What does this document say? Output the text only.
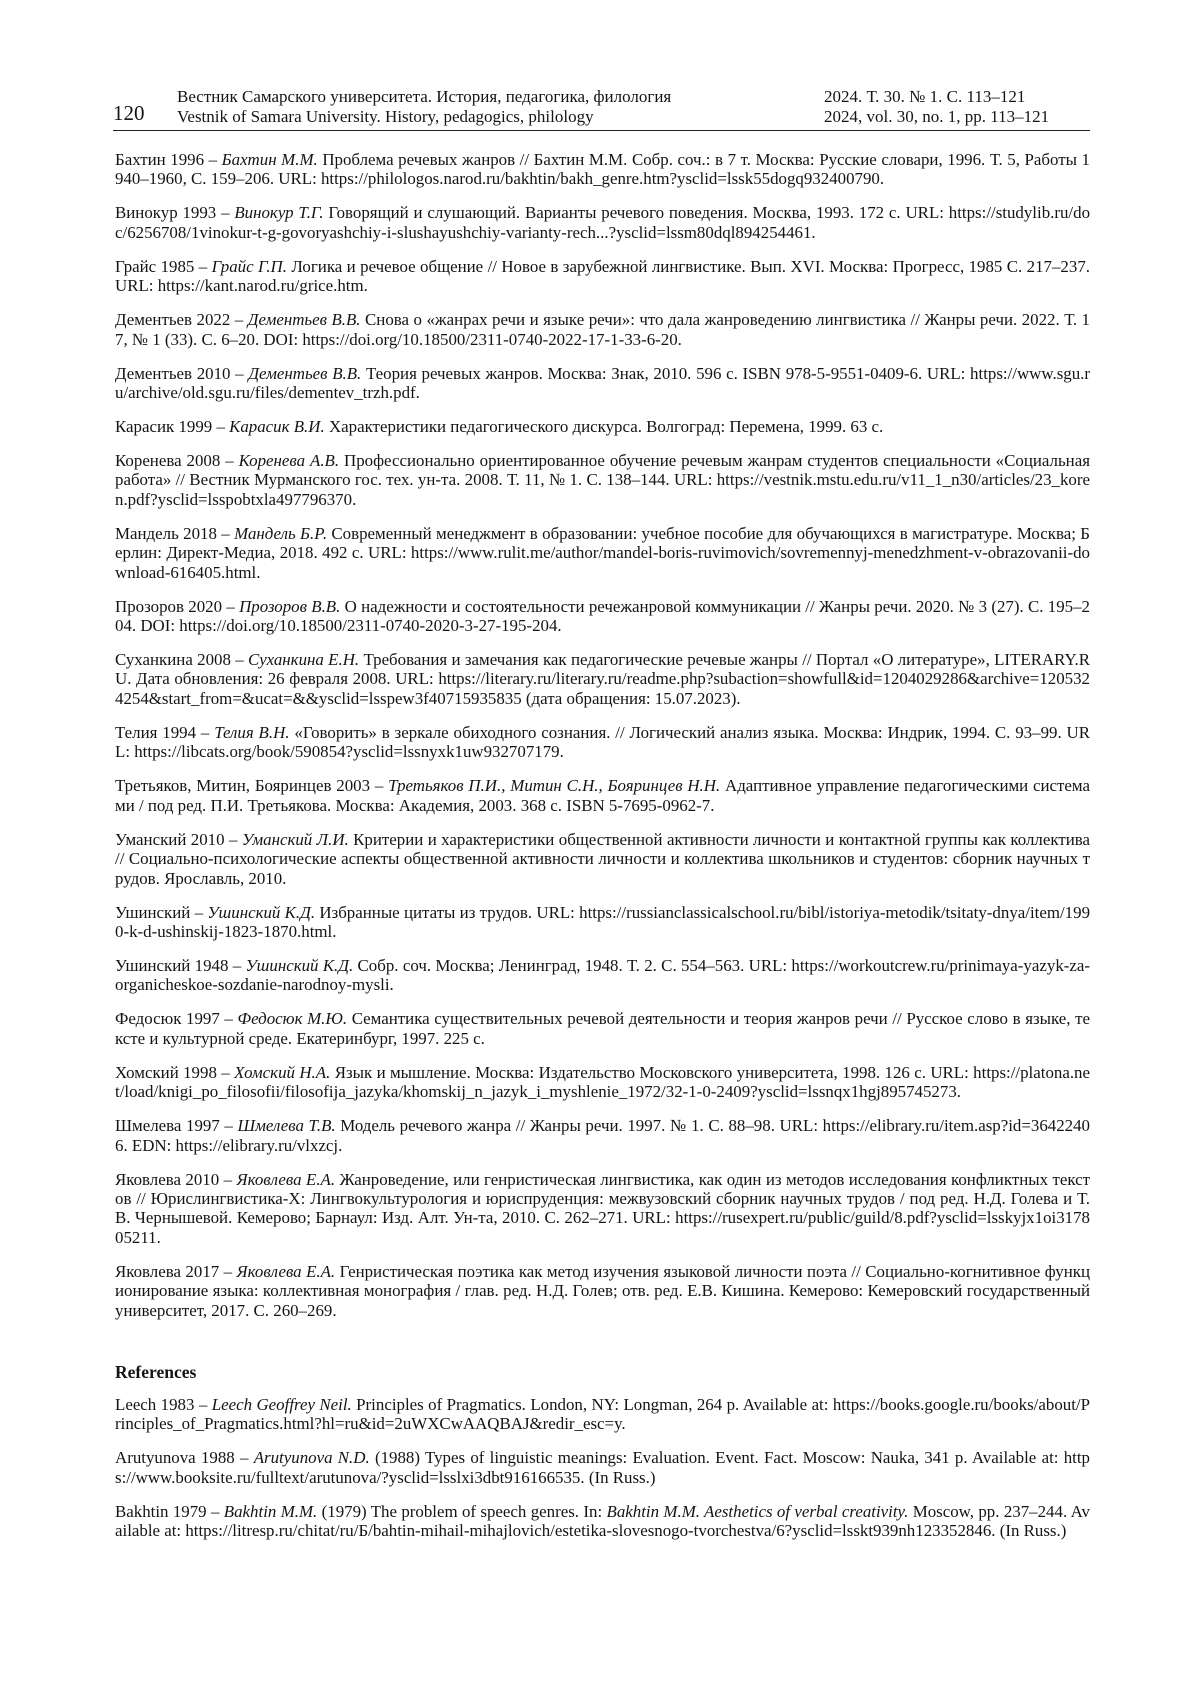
120
Вестник Самарского университета. История, педагогика, филология
Vestnik of Samara University. History, pedagogics, philology
2024. Т. 30. № 1. С. 113–121
2024, vol. 30, no. 1, pp. 113–121

Бахтин 1996 – Бахтин М.М. Проблема речевых жанров // Бахтин М.М. Собр. соч.: в 7 т. Москва: Русские словари, 1996. Т. 5, Работы 1940–1960, С. 159–206. URL: https://philologos.narod.ru/bakhtin/bakh_genre.htm?ysclid=lssk55dogq932400790.

Винокур 1993 – Винокур Т.Г. Говорящий и слушающий. Варианты речевого поведения. Москва, 1993. 172 с. URL: https://studylib.ru/doc/6256708/1vinokur-t-g-govoryashchiy-i-slushayushchiy-varianty-rech...?ysclid=lssm80dql894254461.

Грайс 1985 – Грайс Г.П. Логика и речевое общение // Новое в зарубежной лингвистике. Вып. XVI. Москва: Прогресс, 1985 С. 217–237. URL: https://kant.narod.ru/grice.htm.

Дементьев 2022 – Дементьев В.В. Снова о «жанрах речи и языке речи»: что дала жанроведению лингвистика // Жанры речи. 2022. Т. 17, № 1 (33). С. 6–20. DOI: https://doi.org/10.18500/2311-0740-2022-17-1-33-6-20.

Дементьев 2010 – Дементьев В.В. Теория речевых жанров. Москва: Знак, 2010. 596 с. ISBN 978-5-9551-0409-6. URL: https://www.sgu.ru/archive/old.sgu.ru/files/dementev_trzh.pdf.

Карасик 1999 – Карасик В.И. Характеристики педагогического дискурса. Волгоград: Перемена, 1999. 63 с.

Коренева 2008 – Коренева А.В. Профессионально ориентированное обучение речевым жанрам студентов специальности «Социальная работа» // Вестник Мурманского гос. тех. ун-та. 2008. Т. 11, № 1. С. 138–144. URL: https://vestnik.mstu.edu.ru/v11_1_n30/articles/23_koren.pdf?ysclid=lsspobtxla497796370.

Мандель 2018 – Мандель Б.Р. Современный менеджмент в образовании: учебное пособие для обучающихся в магистратуре. Москва; Берлин: Директ-Медиа, 2018. 492 с. URL: https://www.rulit.me/author/mandel-boris-ruvimovich/sovremennyj-menedzhment-v-obrazovanii-download-616405.html.

Прозоров 2020 – Прозоров В.В. О надежности и состоятельности речежанровой коммуникации // Жанры речи. 2020. № 3 (27). С. 195–204. DOI: https://doi.org/10.18500/2311-0740-2020-3-27-195-204.

Суханкина 2008 – Суханкина Е.Н. Требования и замечания как педагогические речевые жанры // Портал «О литературе», LITERARY.RU. Дата обновления: 26 февраля 2008. URL: https://literary.ru/literary.ru/readme.php?subaction=showfull&id=1204029286&archive=1205324254&start_from=&ucat=&&ysclid=lsspew3f40715935835 (дата обращения: 15.07.2023).

Телия 1994 – Телия В.Н. «Говорить» в зеркале обиходного сознания. // Логический анализ языка. Москва: Индрик, 1994. С. 93–99. URL: https://libcats.org/book/590854?ysclid=lssnyxk1uw932707179.

Третьяков, Митин, Бояринцев 2003 – Третьяков П.И., Митин С.Н., Бояринцев Н.Н. Адаптивное управление педагогическими системами / под ред. П.И. Третьякова. Москва: Академия, 2003. 368 с. ISBN 5-7695-0962-7.

Уманский 2010 – Уманский Л.И. Критерии и характеристики общественной активности личности и контактной группы как коллектива // Социально-психологические аспекты общественной активности личности и коллектива школьников и студентов: сборник научных трудов. Ярославль, 2010.

Ушинский – Ушинский К.Д. Избранные цитаты из трудов. URL: https://russianclassicalschool.ru/bibl/istoriya-metodik/tsitaty-dnya/item/1990-k-d-ushinskij-1823-1870.html.

Ушинский 1948 – Ушинский К.Д. Собр. соч. Москва; Ленинград, 1948. Т. 2. С. 554–563. URL: https://workoutcrew.ru/prinimaya-yazyk-za-organicheskoe-sozdanie-narodnoy-mysli.

Федосюк 1997 – Федосюк М.Ю. Семантика существительных речевой деятельности и теория жанров речи // Русское слово в языке, тексте и культурной среде. Екатеринбург, 1997. 225 с.

Хомский 1998 – Хомский Н.А. Язык и мышление. Москва: Издательство Московского университета, 1998. 126 с. URL: https://platona.net/load/knigi_po_filosofii/filosofija_jazyka/khomskij_n_jazyk_i_myshlenie_1972/32-1-0-2409?ysclid=lssnqx1hgj895745273.

Шмелева 1997 – Шмелева Т.В. Модель речевого жанра // Жанры речи. 1997. № 1. С. 88–98. URL: https://elibrary.ru/item.asp?id=36422406. EDN: https://elibrary.ru/vlxzcj.

Яковлева 2010 – Яковлева Е.А. Жанроведение, или генристическая лингвистика, как один из методов исследования конфликтных текстов // Юрислингвистика-X: Лингвокультурология и юриспруденция: межвузовский сборник научных трудов / под ред. Н.Д. Голева и Т.В. Чернышевой. Кемерово; Барнаул: Изд. Алт. Ун-та, 2010. С. 262–271. URL: https://rusexpert.ru/public/guild/8.pdf?ysclid=lsskyjx1oi317805211.

Яковлева 2017 – Яковлева Е.А. Генристическая поэтика как метод изучения языковой личности поэта // Социально-когнитивное функционирование языка: коллективная монография / глав. ред. Н.Д. Голев; отв. ред. Е.В. Кишина. Кемерово: Кемеровский государственный университет, 2017. С. 260–269.

References

Leech 1983 – Leech Geoffrey Neil. Principles of Pragmatics. London, NY: Longman, 264 p. Available at: https://books.google.ru/books/about/Principles_of_Pragmatics.html?hl=ru&id=2uWXCwAAQBAJ&redir_esc=y.

Arutyunova 1988 – Arutyunova N.D. (1988) Types of linguistic meanings: Evaluation. Event. Fact. Moscow: Nauka, 341 p. Available at: https://www.booksite.ru/fulltext/arutunova/?ysclid=lsslxi3dbt916166535. (In Russ.)

Bakhtin 1979 – Bakhtin M.M. (1979) The problem of speech genres. In: Bakhtin M.M. Aesthetics of verbal creativity. Moscow, pp. 237–244. Available at: https://litresp.ru/chitat/ru/Б/bahtin-mihail-mihajlovich/estetika-slovesnogo-tvorchestva/6?ysclid=lsskt939nh123352846. (In Russ.)
